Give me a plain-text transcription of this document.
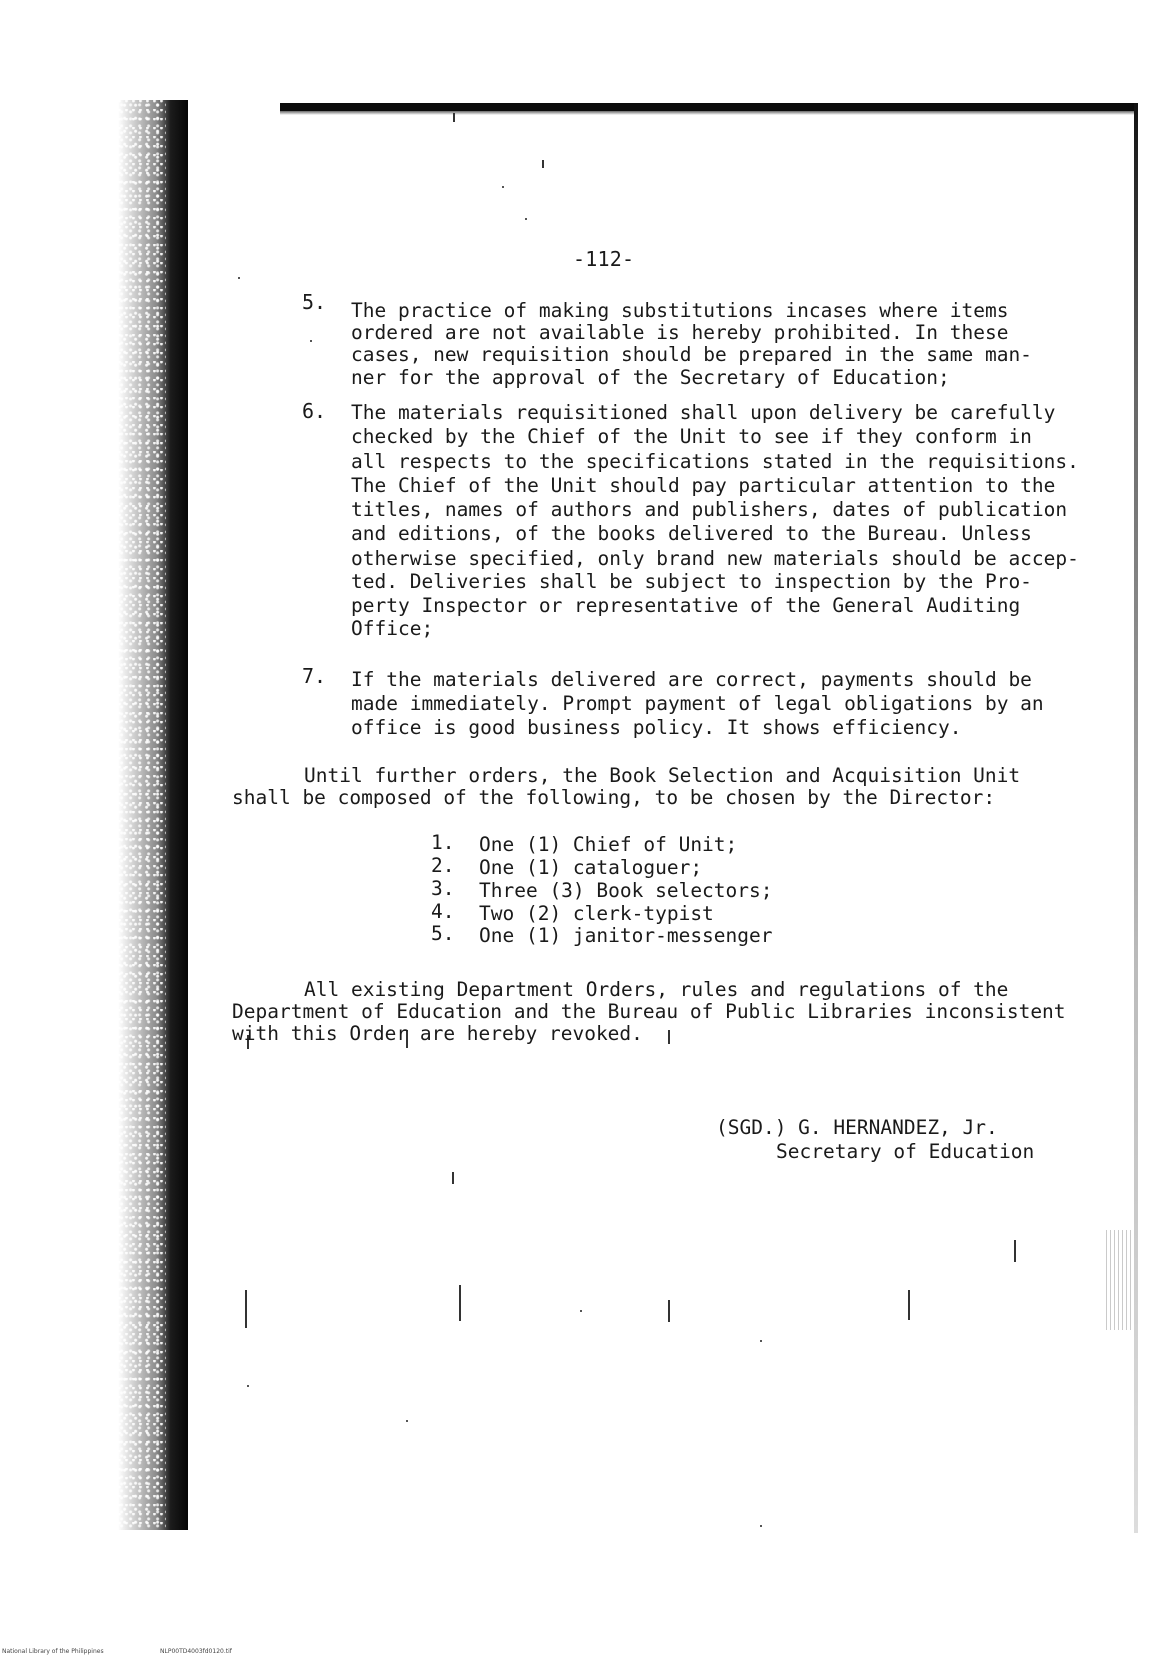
-112-
5. The practice of making substitutions incases where items
ordered are not available is hereby prohibited. In these
cases, new requisition should be prepared in the same man-
ner for the approval of the Secretary of Education;
6. The materials requisitioned shall upon delivery be carefully
checked by the Chief of the Unit to see if they conform in
all respects to the specifications stated in the requisitions.
The Chief of the Unit should pay particular attention to the
titles, names of authors and publishers, dates of publication
and editions, of the books delivered to the Bureau. Unless
otherwise specified, only brand new materials should be accep-
ted. Deliveries shall be subject to inspection by the Pro-
perty Inspector or representative of the General Auditing
Office;
7. If the materials delivered are correct, payments should be
made immediately. Prompt payment of legal obligations by an
office is good business policy. It shows efficiency.
Until further orders, the Book Selection and Acquisition Unit
shall be composed of the following, to be chosen by the Director:
1. One (1) Chief of Unit;
2. One (1) cataloguer;
3. Three (3) Book selectors;
4. Two (2) clerk-typist
5. One (1) janitor-messenger
All existing Department Orders, rules and regulations of the
Department of Education and the Bureau of Public Libraries inconsistent
with this Order are hereby revoked.
(SGD.) G. HERNANDEZ, Jr.
Secretary of Education
National Library of the Philippines	NLP00TD4003fd0120.tif
